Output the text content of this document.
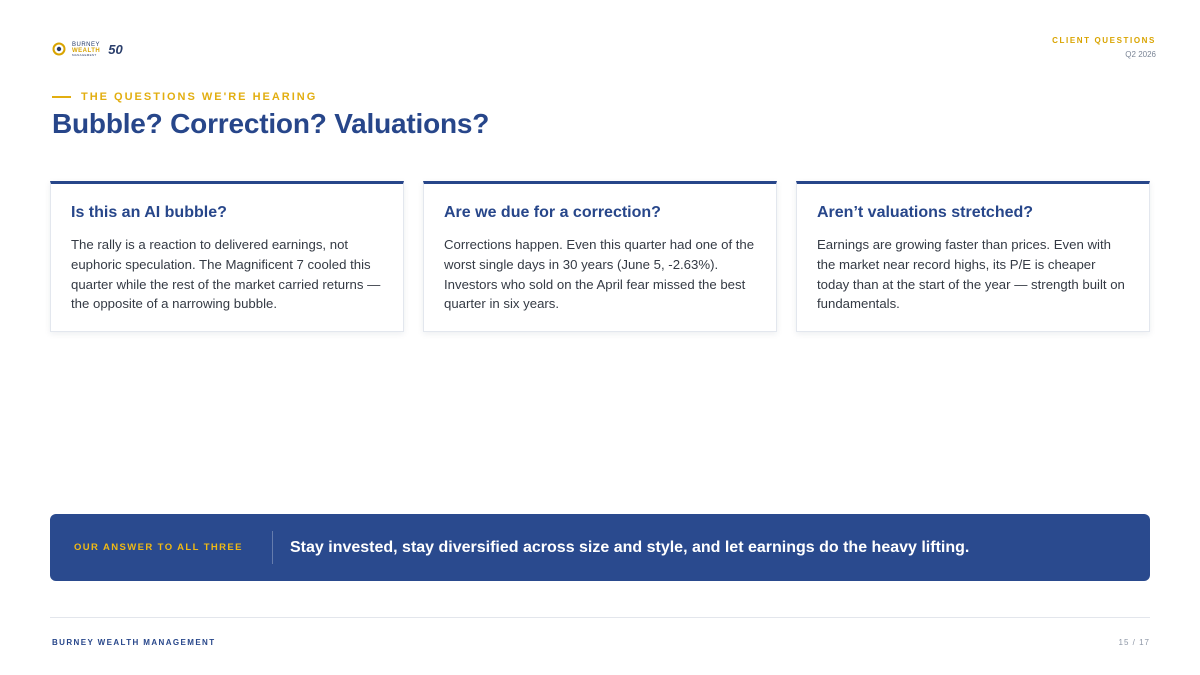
BURNEY
WEALTH
MANAGEMENT 50
CLIENT QUESTIONS
Q2 2026
THE QUESTIONS WE'RE HEARING
Bubble? Correction? Valuations?
Is this an AI bubble?

The rally is a reaction to delivered earnings, not euphoric speculation. The Magnificent 7 cooled this quarter while the rest of the market carried returns — the opposite of a narrowing bubble.

Are we due for a correction?

Corrections happen. Even this quarter had one of the worst single days in 30 years (June 5, -2.63%). Investors who sold on the April fear missed the best quarter in six years.

Aren’t valuations stretched?

Earnings are growing faster than prices. Even with the market near record highs, its P/E is cheaper today than at the start of the year — strength built on fundamentals.

OUR ANSWER TO ALL THREE	Stay invested, stay diversified across size and style, and let earnings do the heavy lifting.
BURNEY WEALTH MANAGEMENT	15 / 17
